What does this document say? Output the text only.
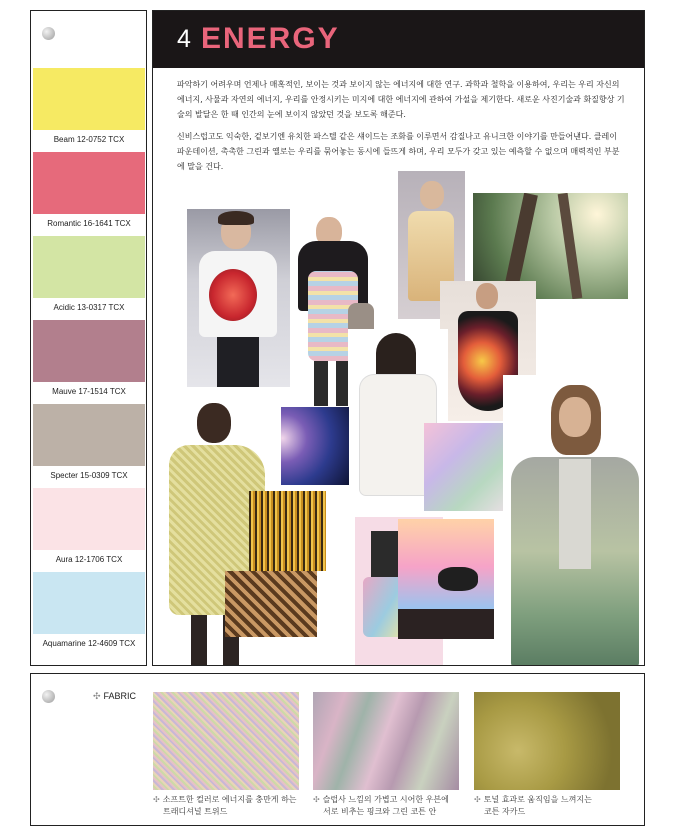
Beam 12-0752 TCX
Romantic 16-1641 TCX
Acidic 13-0317 TCX
Mauve 17-1514 TCX
Specter 15-0309 TCX
Aura 12-1706 TCX
Aquamarine 12-4609 TCX
4 ENERGY

파악하기 어려우며 언제나 매혹적인, 보이는 것과 보이지 않는 에너지에 대한 연구. 과학과 철학을 이용하여, 우리는 우리 자신의 에너지, 사물과 자연의 에너지, 우리를 안정시키는 미지에 대한 에너지에 관하여 가설을 제기한다. 새로운 사진기술과 화질향상 기술의 발달은 한 때 인간의 눈에 보이지 않았던 것을 보도록 해준다.

신비스럽고도 익숙한, 겉보기엔 유치한 파스텔 같은 섀이드는 조화를 이루면서 감질나고 유니크한 이야기를 만들어낸다. 클레이 파운데이션, 촉촉한 그린과 옐로는 우리를 묶어놓는 동시에 들뜨게 하며, 우리 모두가 갖고 있는 예측할 수 없으며 매력적인 부분에 말을 건다.

✣ FABRIC
✣ 소프트한 컬러로 에너지를 충만게 하는
트래디셔널 트위드
✣ 슬럽사 느낌의 가볍고 시어한 우븐에
서로 비추는 핑크와 그린 코튼 안
✣ 토널 효과로 움직임을 느껴지는
코튼 자카드
